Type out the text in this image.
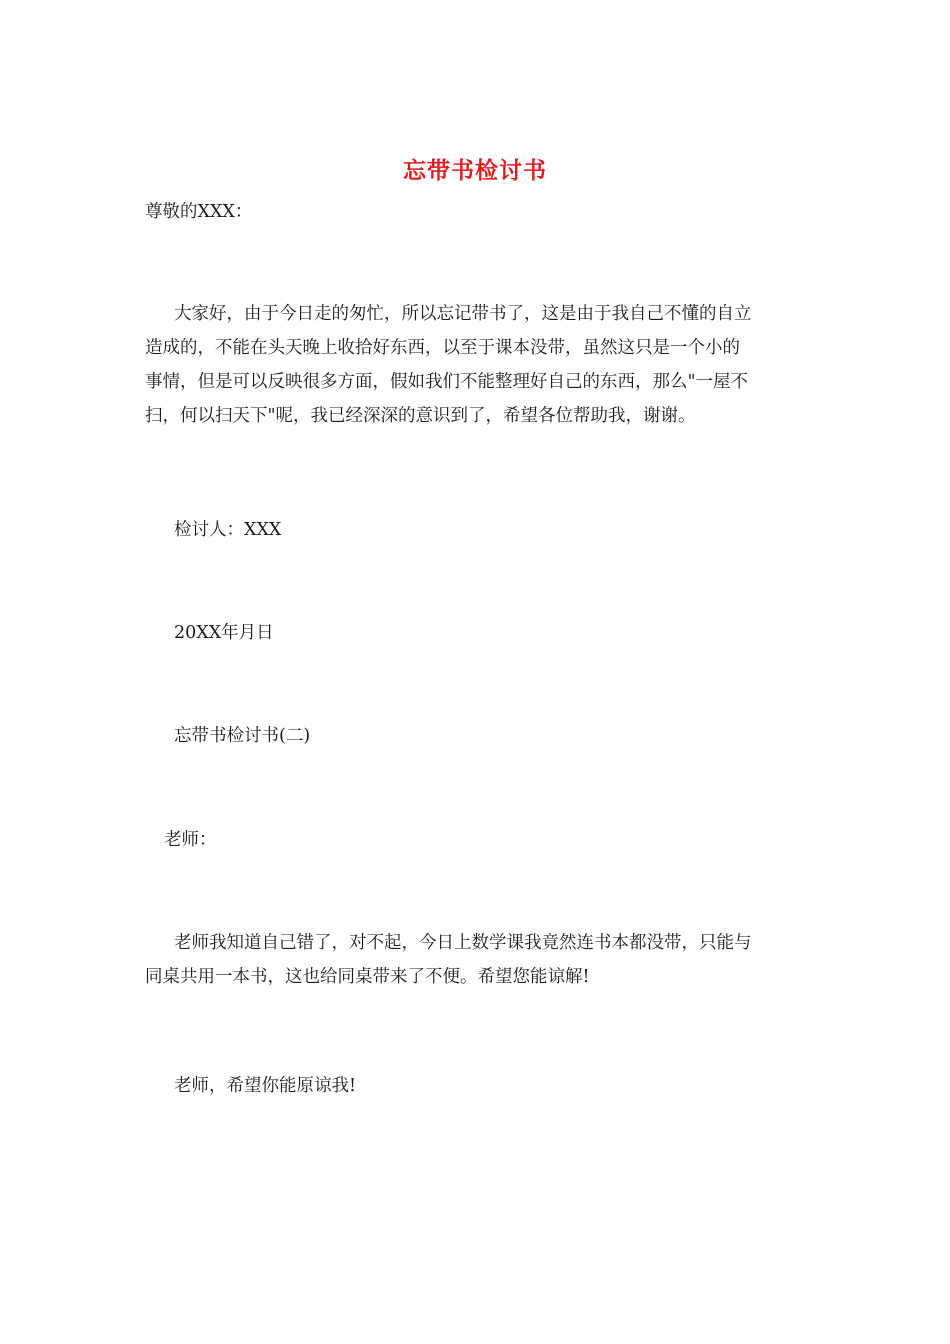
忘带书检讨书
尊敬的XXX：
大家好，由于今日走的匆忙，所以忘记带书了，这是由于我自己不懂的自立
造成的，不能在头天晚上收拾好东西，以至于课本没带，虽然这只是一个小的
事情，但是可以反映很多方面，假如我们不能整理好自己的东西，那么"一屋不
扫，何以扫天下"呢，我已经深深的意识到了，希望各位帮助我，谢谢。
检讨人：XXX
20XX年月日
忘带书检讨书(二)
老师：
老师我知道自己错了，对不起，今日上数学课我竟然连书本都没带，只能与
同桌共用一本书，这也给同桌带来了不便。希望您能谅解!
老师，希望你能原谅我!
